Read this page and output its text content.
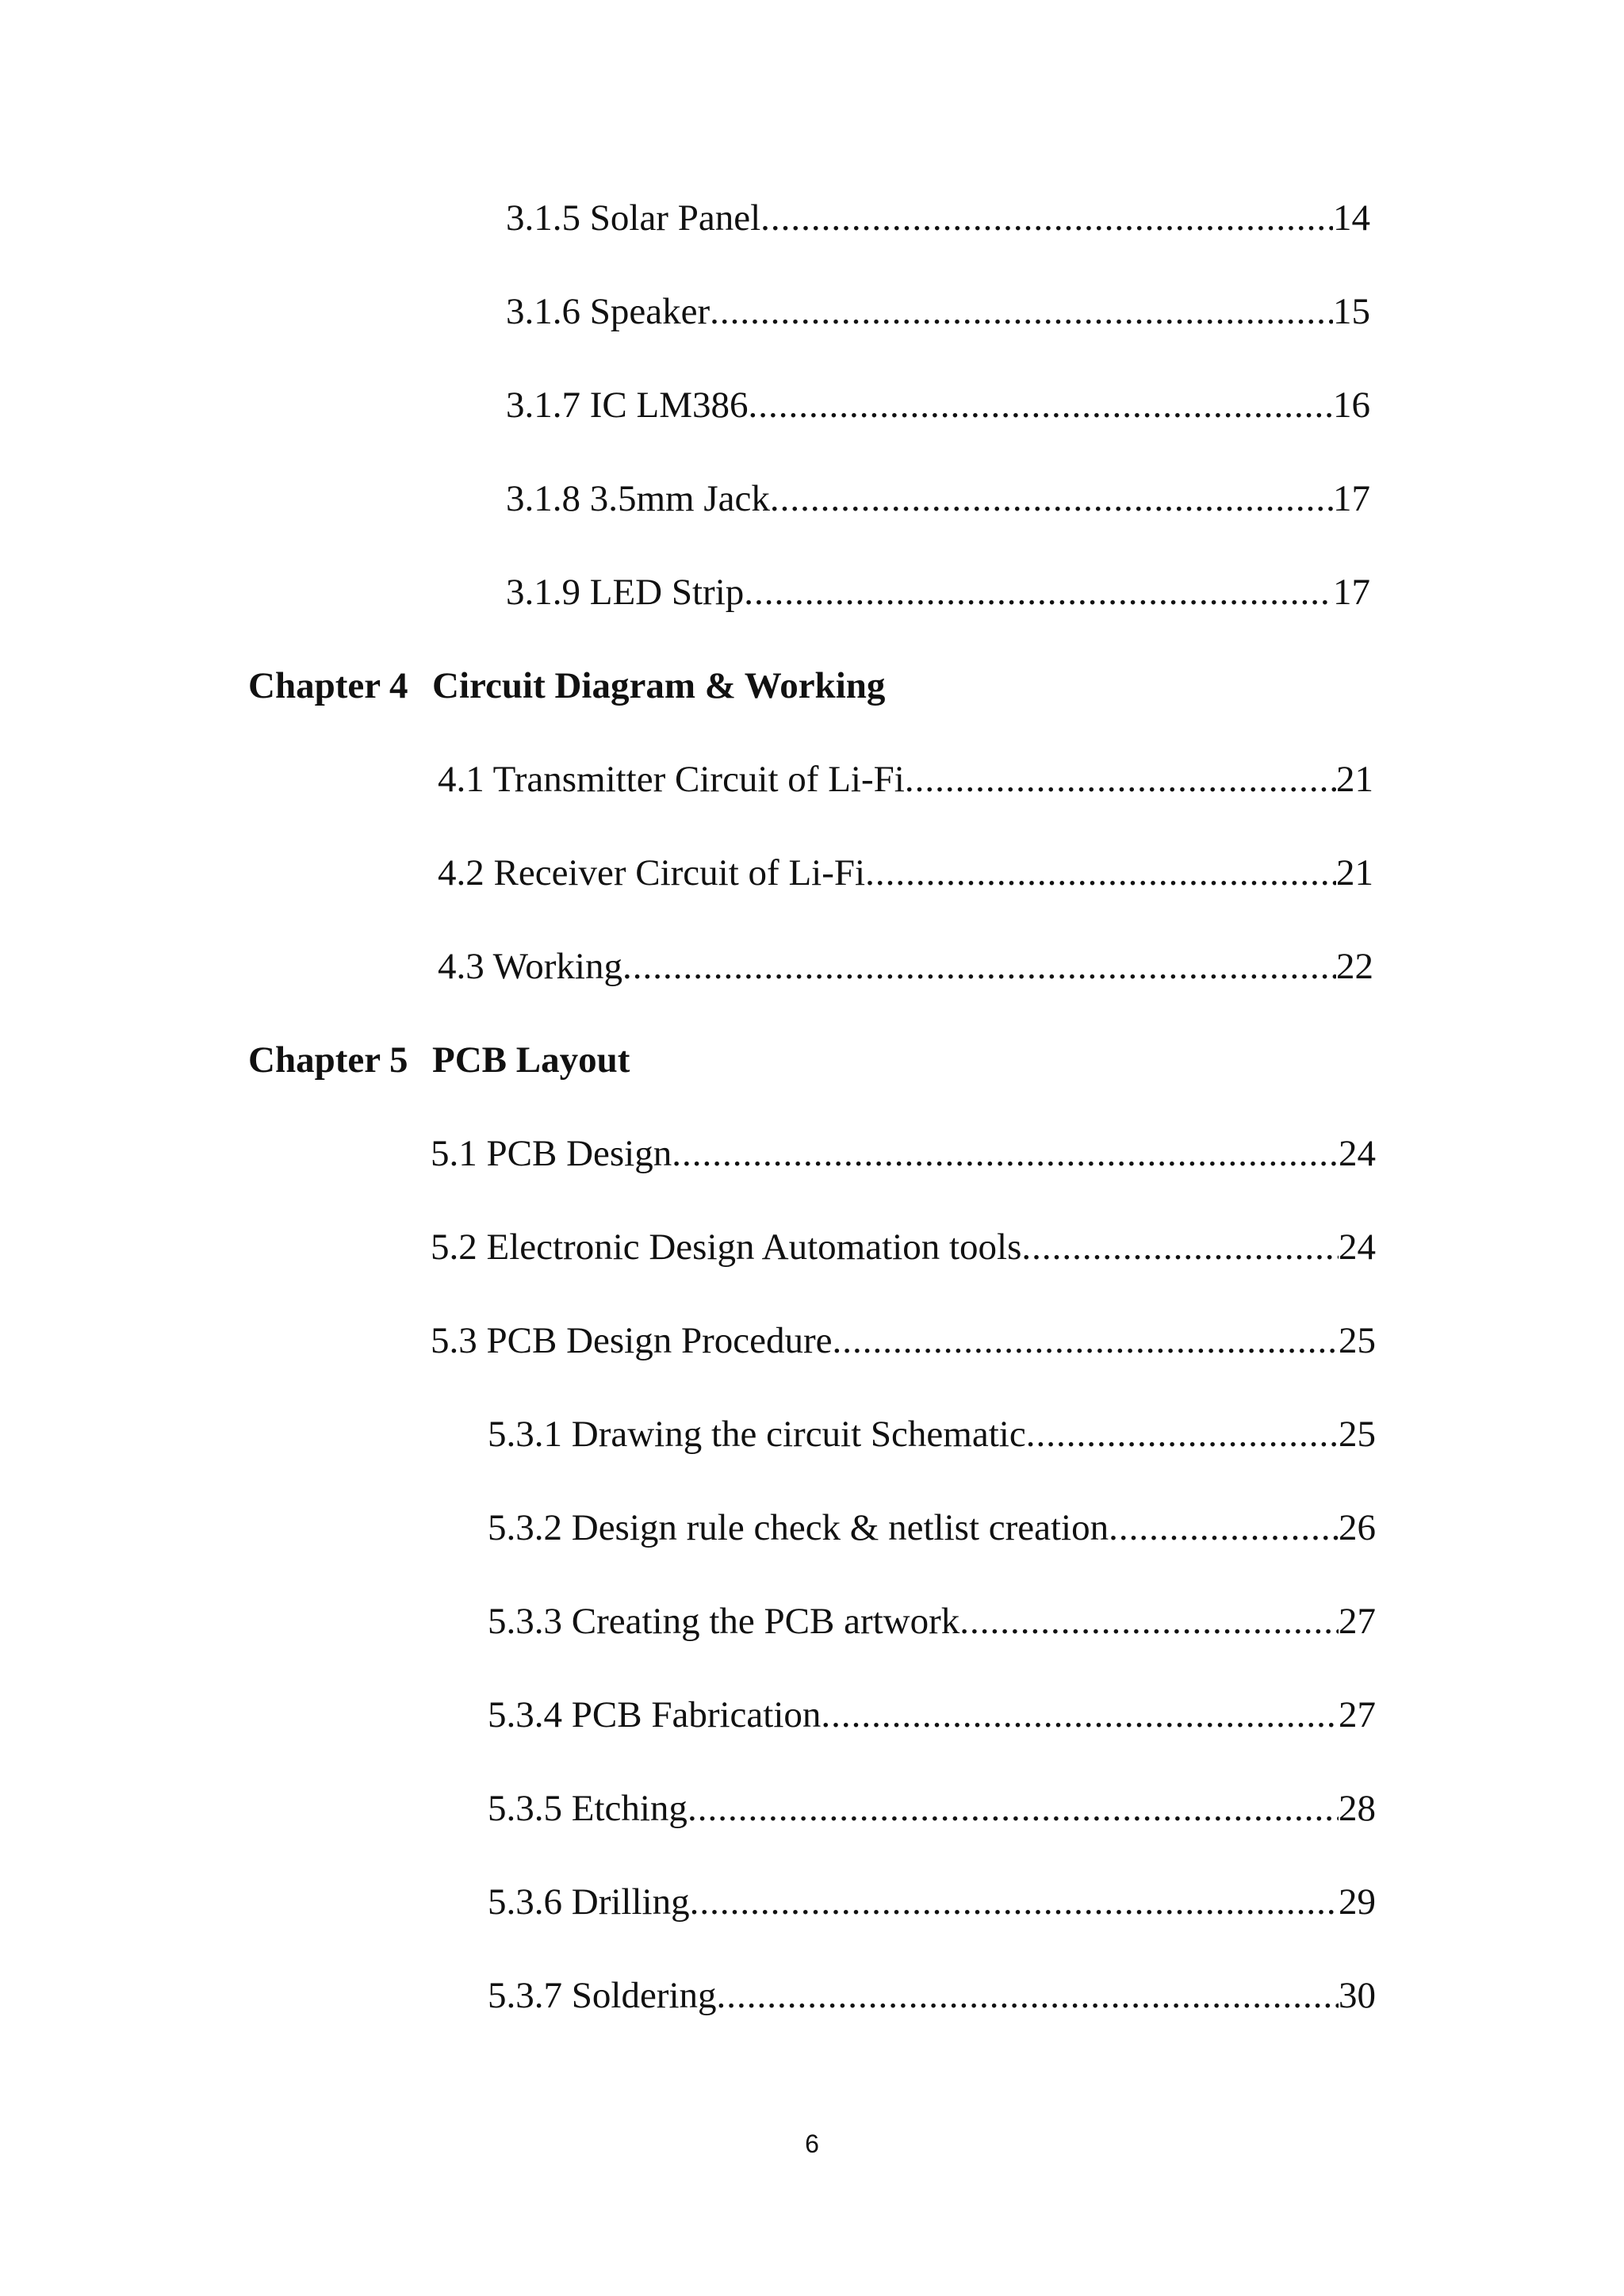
3.1.5 Solar Panel .....	14
3.1.6 Speaker .....	15
3.1.7 IC LM386 .....	16
3.1.8 3.5mm Jack .....	17
3.1.9 LED Strip .....	17
Chapter 4 Circuit Diagram & Working
4.1 Transmitter Circuit of Li-Fi .....	21
4.2 Receiver Circuit of Li-Fi .....	21
4.3 Working .....	22
Chapter 5 PCB Layout
5.1 PCB Design .....	24
5.2 Electronic Design Automation tools .....	24
5.3 PCB Design Procedure .....	25
5.3.1 Drawing the circuit Schematic .....	25
5.3.2 Design rule check & netlist creation .....	26
5.3.3 Creating the PCB artwork .....	27
5.3.4 PCB Fabrication .....	27
5.3.5 Etching .....	28
5.3.6 Drilling .....	29
5.3.7 Soldering .....	30
6
